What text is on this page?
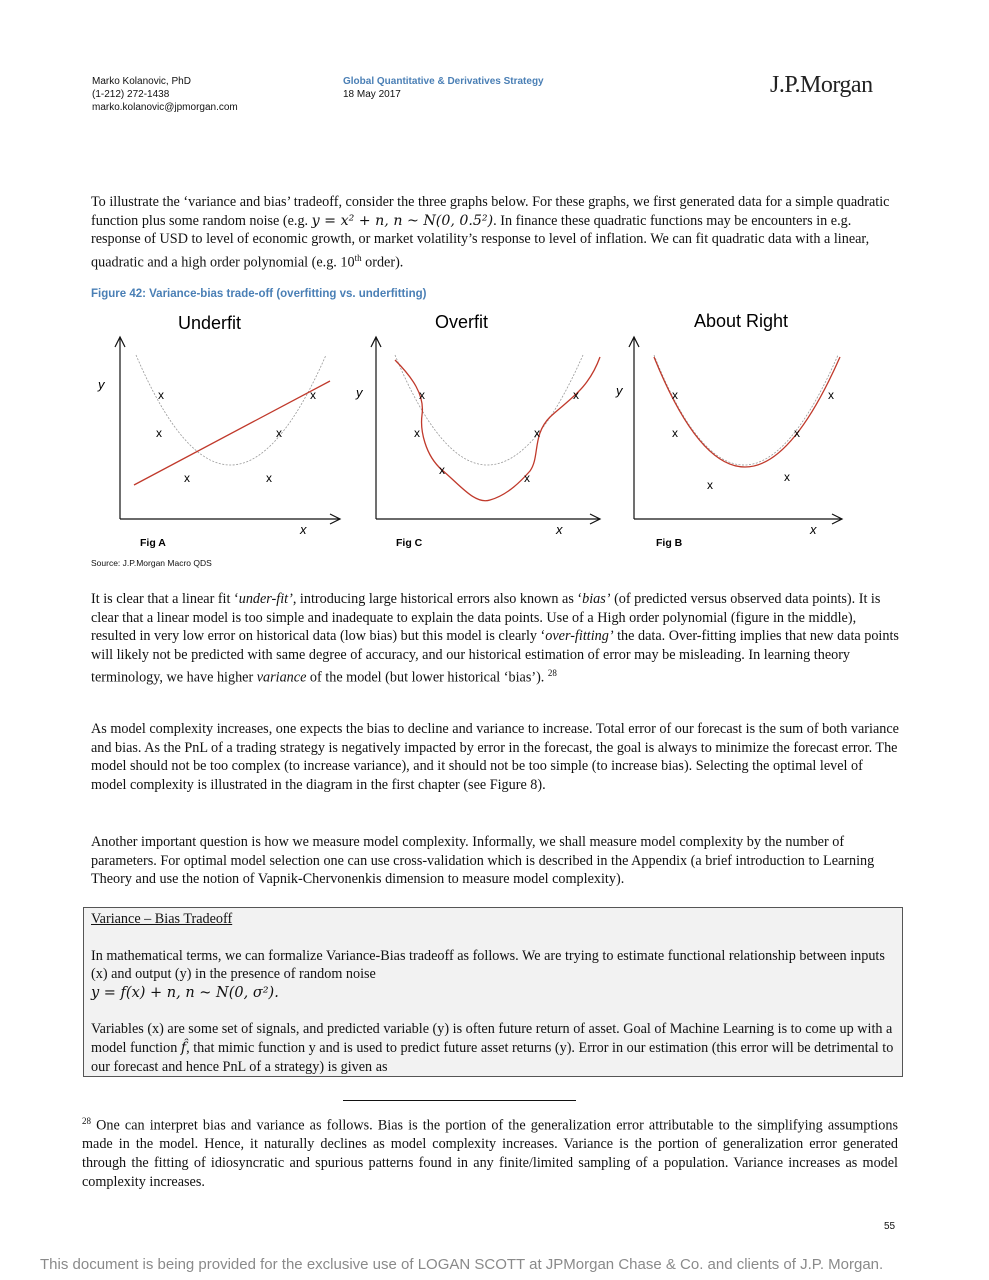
Marko Kolanovic, PhD
(1-212) 272-1438
marko.kolanovic@jpmorgan.com
Global Quantitative & Derivatives Strategy
18 May 2017	J.P.Morgan
To illustrate the ‘variance and bias’ tradeoff, consider the three graphs below. For these graphs, we first generated data for a simple quadratic function plus some random noise (e.g. y = x² + n, n ~ N(0, 0.5²). In finance these quadratic functions may be encounters in e.g. response of USD to level of economic growth, or market volatility’s response to level of inflation. We can fit quadratic data with a linear, quadratic and a high order polynomial (e.g. 10th order).
Figure 42: Variance-bias trade-off (overfitting vs. underfitting)
Underfit
x
x
x	x
x
x
y
x
Fig A
Overfit
x
x
x
x
x
x
y
x
Fig C
About Right
x
x
x
x
x
x
y
x
Fig B
Source: J.P.Morgan Macro QDS
It is clear that a linear fit ‘under-fit’, introducing large historical errors also known as ‘bias’ (of predicted versus observed data points). It is clear that a linear model is too simple and inadequate to explain the data points. Use of a High order polynomial (figure in the middle), resulted in very low error on historical data (low bias) but this model is clearly ‘over-fitting’ the data. Over-fitting implies that new data points will likely not be predicted with same degree of accuracy, and our historical estimation of error may be misleading. In learning theory terminology, we have higher variance of the model (but lower historical ‘bias’). $^{28}$
As model complexity increases, one expects the bias to decline and variance to increase. Total error of our forecast is the sum of both variance and bias. As the PnL of a trading strategy is negatively impacted by error in the forecast, the goal is always to minimize the forecast error. The model should not be too complex (to increase variance), and it should not be too simple (to increase bias). Selecting the optimal level of model complexity is illustrated in the diagram in the first chapter (see Figure 8).
Another important question is how we measure model complexity. Informally, we shall measure model complexity by the number of parameters. For optimal model selection one can use cross-validation which is described in the Appendix (a brief introduction to Learning Theory and use the notion of Vapnik-Chervonenkis dimension to measure model complexity).
Variance – Bias Tradeoff
In mathematical terms, we can formalize Variance-Bias tradeoff as follows. We are trying to estimate functional relationship between inputs (x) and output (y) in the presence of random noise
y = f(x) + n, n ~ N(0, σ²).
Variables (x) are some set of signals, and predicted variable (y) is often future return of asset. Goal of Machine Learning is to come up with a model function f̂, that mimic function y and is used to predict future asset returns (y). Error in our estimation (this error will be detrimental to our forecast and hence PnL of a strategy) is given as
$^{28}$ One can interpret bias and variance as follows. Bias is the portion of the generalization error attributable to the simplifying assumptions made in the model. Hence, it naturally declines as model complexity increases. Variance is the portion of generalization error generated through the fitting of idiosyncratic and spurious patterns found in any finite/limited sampling of a population. Variance increases as model complexity increases.
55
This document is being provided for the exclusive use of LOGAN SCOTT at JPMorgan Chase & Co. and clients of J.P. Morgan.
